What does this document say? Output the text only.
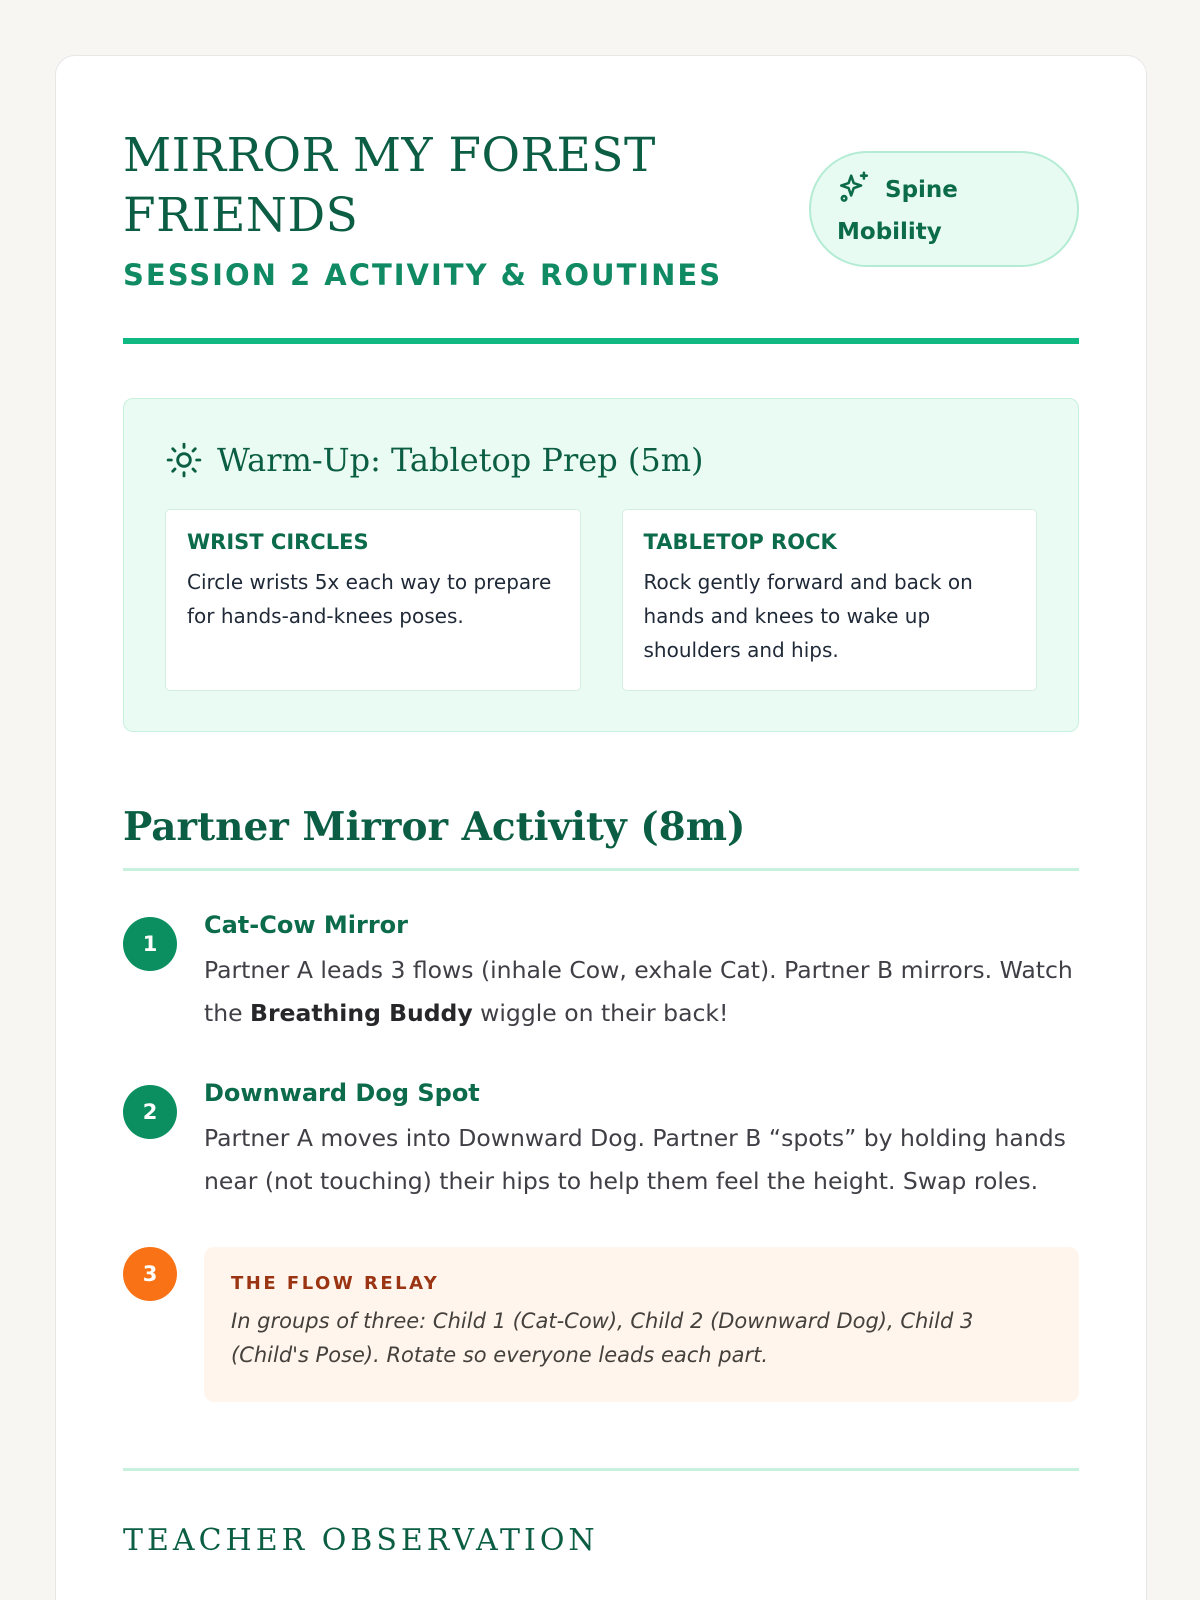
MIRROR MY FOREST FRIENDS
SESSION 2 ACTIVITY & ROUTINES
Spine Mobility
Warm-Up: Tabletop Prep (5m)
WRIST CIRCLES

Circle wrists 5x each way to prepare for hands-and-knees poses.

TABLETOP ROCK

Rock gently forward and back on hands and knees to wake up shoulders and hips.

Partner Mirror Activity (8m)
1
Cat-Cow Mirror
Partner A leads 3 flows (inhale Cow, exhale Cat). Partner B mirrors. Watch the Breathing Buddy wiggle on their back!
2
Downward Dog Spot
Partner A moves into Downward Dog. Partner B “spots” by holding hands near (not touching) their hips to help them feel the height. Swap roles.
3	THE FLOW RELAY
In groups of three: Child 1 (Cat-Cow), Child 2 (Downward Dog), Child 3 (Child's Pose). Rotate so everyone leads each part.
TEACHER OBSERVATION
